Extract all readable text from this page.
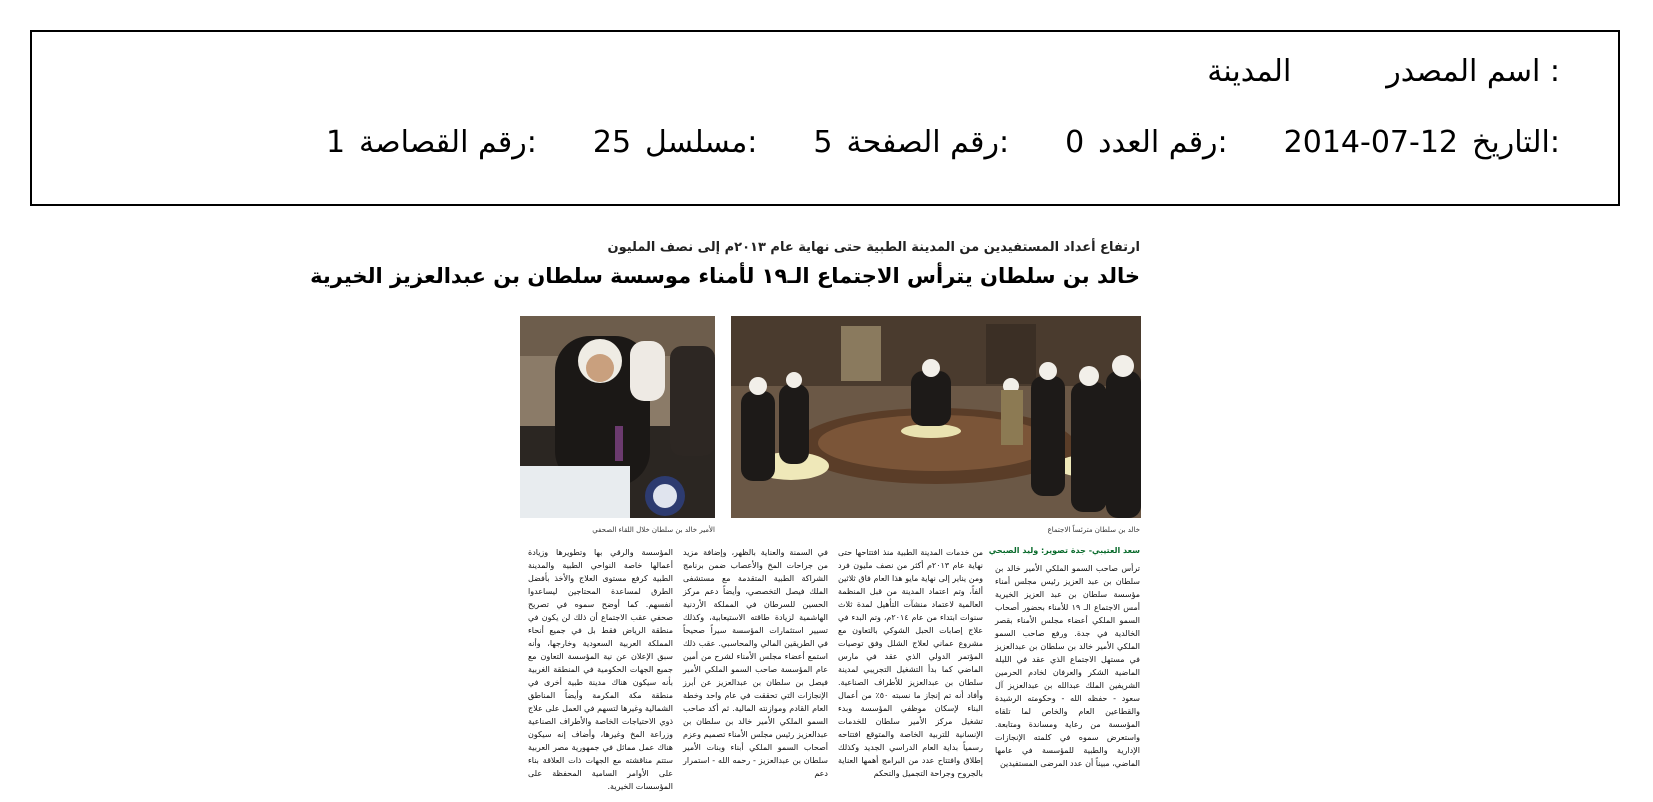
اسم المصدر :
المدينة
التاريخ:
2014-07-12
رقم العدد:
0
رقم الصفحة:
5
مسلسل:
25
رقم القصاصة:
1
ارتفاع أعداد المستفيدين من المدينة الطبية حتى نهاية عام ٢٠١٣م إلى نصف المليون
خالد بن سلطان يترأس الاجتماع الـ١٩ لأمناء موسسة سلطان بن عبدالعزيز الخيرية
خالد بن سلطان مترئساً الاجتماع
الأمير خالد بن سلطان خلال اللقاء الصحفي
سعد العتيبي- جدة تصوير: وليد الصبحي
ترأس صاحب السمو الملكي الأمير خالد بن سلطان بن عبد العزيز رئيس مجلس أمناء مؤسسة سلطان بن عبد العزيز الخيرية أمس الاجتماع الـ ١٩ للأمناء بحضور أصحاب السمو الملكي أعضاء مجلس الأمناء بقصر الخالدية في جدة. ورفع صاحب السمو الملكي الأمير خالد بن سلطان بن عبدالعزيز في مستهل الاجتماع الذي عقد في الليلة الماضية الشكر والعرفان لخادم الحرمين الشريفين الملك عبدالله بن عبدالعزيز آل سعود - حفظه الله - وحكومته الرشيدة والقطاعين العام والخاص لما تلقاه المؤسسة من رعاية ومساندة ومتابعة. واستعرض سموه في كلمته الإنجازات الإدارية والطبية للمؤسسة في عامها الماضي، مبيناً أن عدد المرضى المستفيدين
من خدمات المدينة الطبية منذ افتتاحها حتى نهاية عام ٢٠١٣م أكثر من نصف مليون فرد ومن يناير إلى نهاية مايو هذا العام فاق ثلاثين ألفاً، وتم اعتماد المدينة من قبل المنظمة العالمية لاعتماد منشآت التأهيل لمدة ثلاث سنوات ابتداء من عام ٢٠١٤م، وتم البدء في علاج إصابات الحبل الشوكي بالتعاون مع مشروع عماني لعلاج الشلل وفق توصيات المؤتمر الدولي الذي عقد في مارس الماضي كما بدأ التشغيل التجريبي لمدينة سلطان بن عبدالعزيز للأطراف الصناعية. وأفاد أنه تم إنجاز ما نسبته ٥٠٪ من أعمال البناء لإسكان موظفي المؤسسة وبدء تشغيل مركز الأمير سلطان للخدمات الإنسانية للتربية الخاصة والمتوقع افتتاحه رسمياً بداية العام الدراسي الجديد وكذلك إطلاق وافتتاح عدد من البرامج أهمها العناية بالجروح وجراحة التجميل والتحكم
في السمنة والعناية بالظهر، وإضافة مزيد من جراحات المخ والأعصاب ضمن برنامج الشراكة الطبية المتقدمة مع مستشفى الملك فيصل التخصصي، وأيضاً دعم مركز الحسين للسرطان في المملكة الأردنية الهاشمية لزيادة طاقته الاستيعابية، وكذلك تسيير استثمارات المؤسسة سيراً صحيحاً في الطريقين المالي والمحاسبي. عقب ذلك استمع أعضاء مجلس الأمناء لشرح من أمين عام المؤسسة صاحب السمو الملكي الأمير فيصل بن سلطان بن عبدالعزيز عن أبرز الإنجازات التي تحققت في عام واحد وخطة العام القادم وموازنته المالية. ثم أكد صاحب السمو الملكي الأمير خالد بن سلطان بن عبدالعزيز رئيس مجلس الأمناء تصميم وعزم أصحاب السمو الملكي أبناء وبنات الأمير سلطان بن عبدالعزيز - رحمه الله - استمرار دعم
المؤسسة والرقي بها وتطويرها وزيادة أعمالها خاصة النواحي الطبية والمدينة الطبية كرفع مستوى العلاج والأخذ بأفضل الطرق لمساعدة المحتاجين ليساعدوا أنفسهم. كما أوضح سموه في تصريح صحفي عقب الاجتماع أن ذلك لن يكون في منطقة الرياض فقط بل في جميع أنحاء المملكة العربية السعودية وخارجها، وأنه سبق الإعلان عن نية المؤسسة التعاون مع جميع الجهات الحكومية في المنطقة الغربية بأنه سيكون هناك مدينة طبية أخرى في منطقة مكة المكرمة وأيضاً المناطق الشمالية وغيرها لتسهم في العمل على علاج ذوي الاحتياجات الخاصة والأطراف الصناعية وزراعة المخ وغيرها، وأضاف إنه سيكون هناك عمل مماثل في جمهورية مصر العربية ستتم مناقشته مع الجهات ذات العلاقة بناء على الأوامر السامية المحفظة على المؤسسات الخيرية.
